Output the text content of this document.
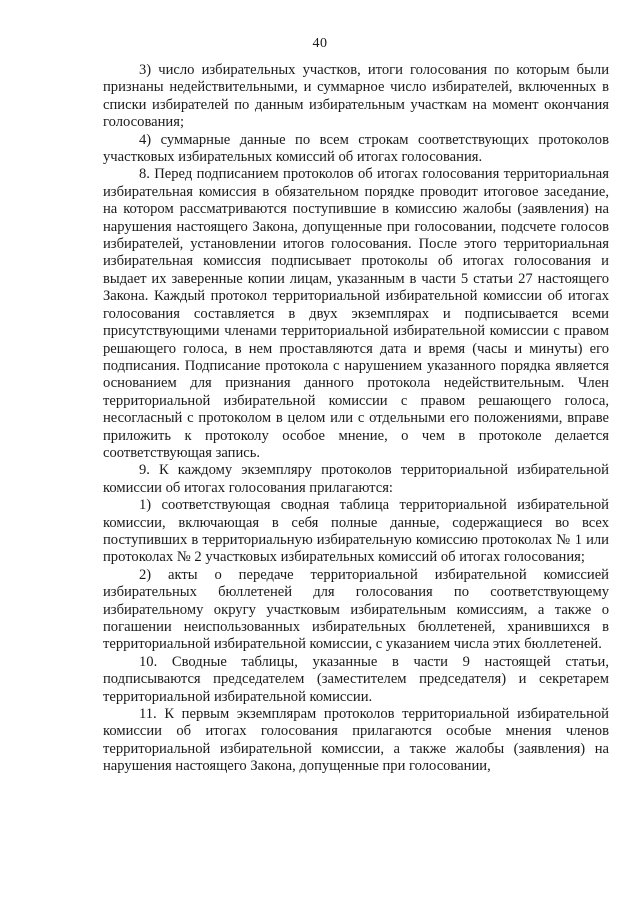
40

3) число избирательных участков, итоги голосования по которым были признаны недействительными, и суммарное число избирателей, включенных в списки избирателей по данным избирательным участкам на момент окончания голосования;

4) суммарные данные по всем строкам соответствующих протоколов участковых избирательных комиссий об итогах голосования.

8. Перед подписанием протоколов об итогах голосования территориальная избирательная комиссия в обязательном порядке проводит итоговое заседание, на котором рассматриваются поступившие в комиссию жалобы (заявления) на нарушения настоящего Закона, допущенные при голосовании, подсчете голосов избирателей, установлении итогов голосования. После этого территориальная избирательная комиссия подписывает протоколы об итогах голосования и выдает их заверенные копии лицам, указанным в части 5 статьи 27 настоящего Закона. Каждый протокол территориальной избирательной комиссии об итогах голосования составляется в двух экземплярах и подписывается всеми присутствующими членами территориальной избирательной комиссии с правом решающего голоса, в нем проставляются дата и время (часы и минуты) его подписания. Подписание протокола с нарушением указанного порядка является основанием для признания данного протокола недействительным. Член территориальной избирательной комиссии с правом решающего голоса, несогласный с протоколом в целом или с отдельными его положениями, вправе приложить к протоколу особое мнение, о чем в протоколе делается соответствующая запись.

9. К каждому экземпляру протоколов территориальной избирательной комиссии об итогах голосования прилагаются:

1) соответствующая сводная таблица территориальной избирательной комиссии, включающая в себя полные данные, содержащиеся во всех поступивших в территориальную избирательную комиссию протоколах № 1 или протоколах № 2 участковых избирательных комиссий об итогах голосования;

2) акты о передаче территориальной избирательной комиссией избирательных бюллетеней для голосования по соответствующему избирательному округу участковым избирательным комиссиям, а также о погашении неиспользованных избирательных бюллетеней, хранившихся в территориальной избирательной комиссии, с указанием числа этих бюллетеней.

10. Сводные таблицы, указанные в части 9 настоящей статьи, подписываются председателем (заместителем председателя) и секретарем территориальной избирательной комиссии.

11. К первым экземплярам протоколов территориальной избирательной комиссии об итогах голосования прилагаются особые мнения членов территориальной избирательной комиссии, а также жалобы (заявления) на нарушения настоящего Закона, допущенные при голосовании,
